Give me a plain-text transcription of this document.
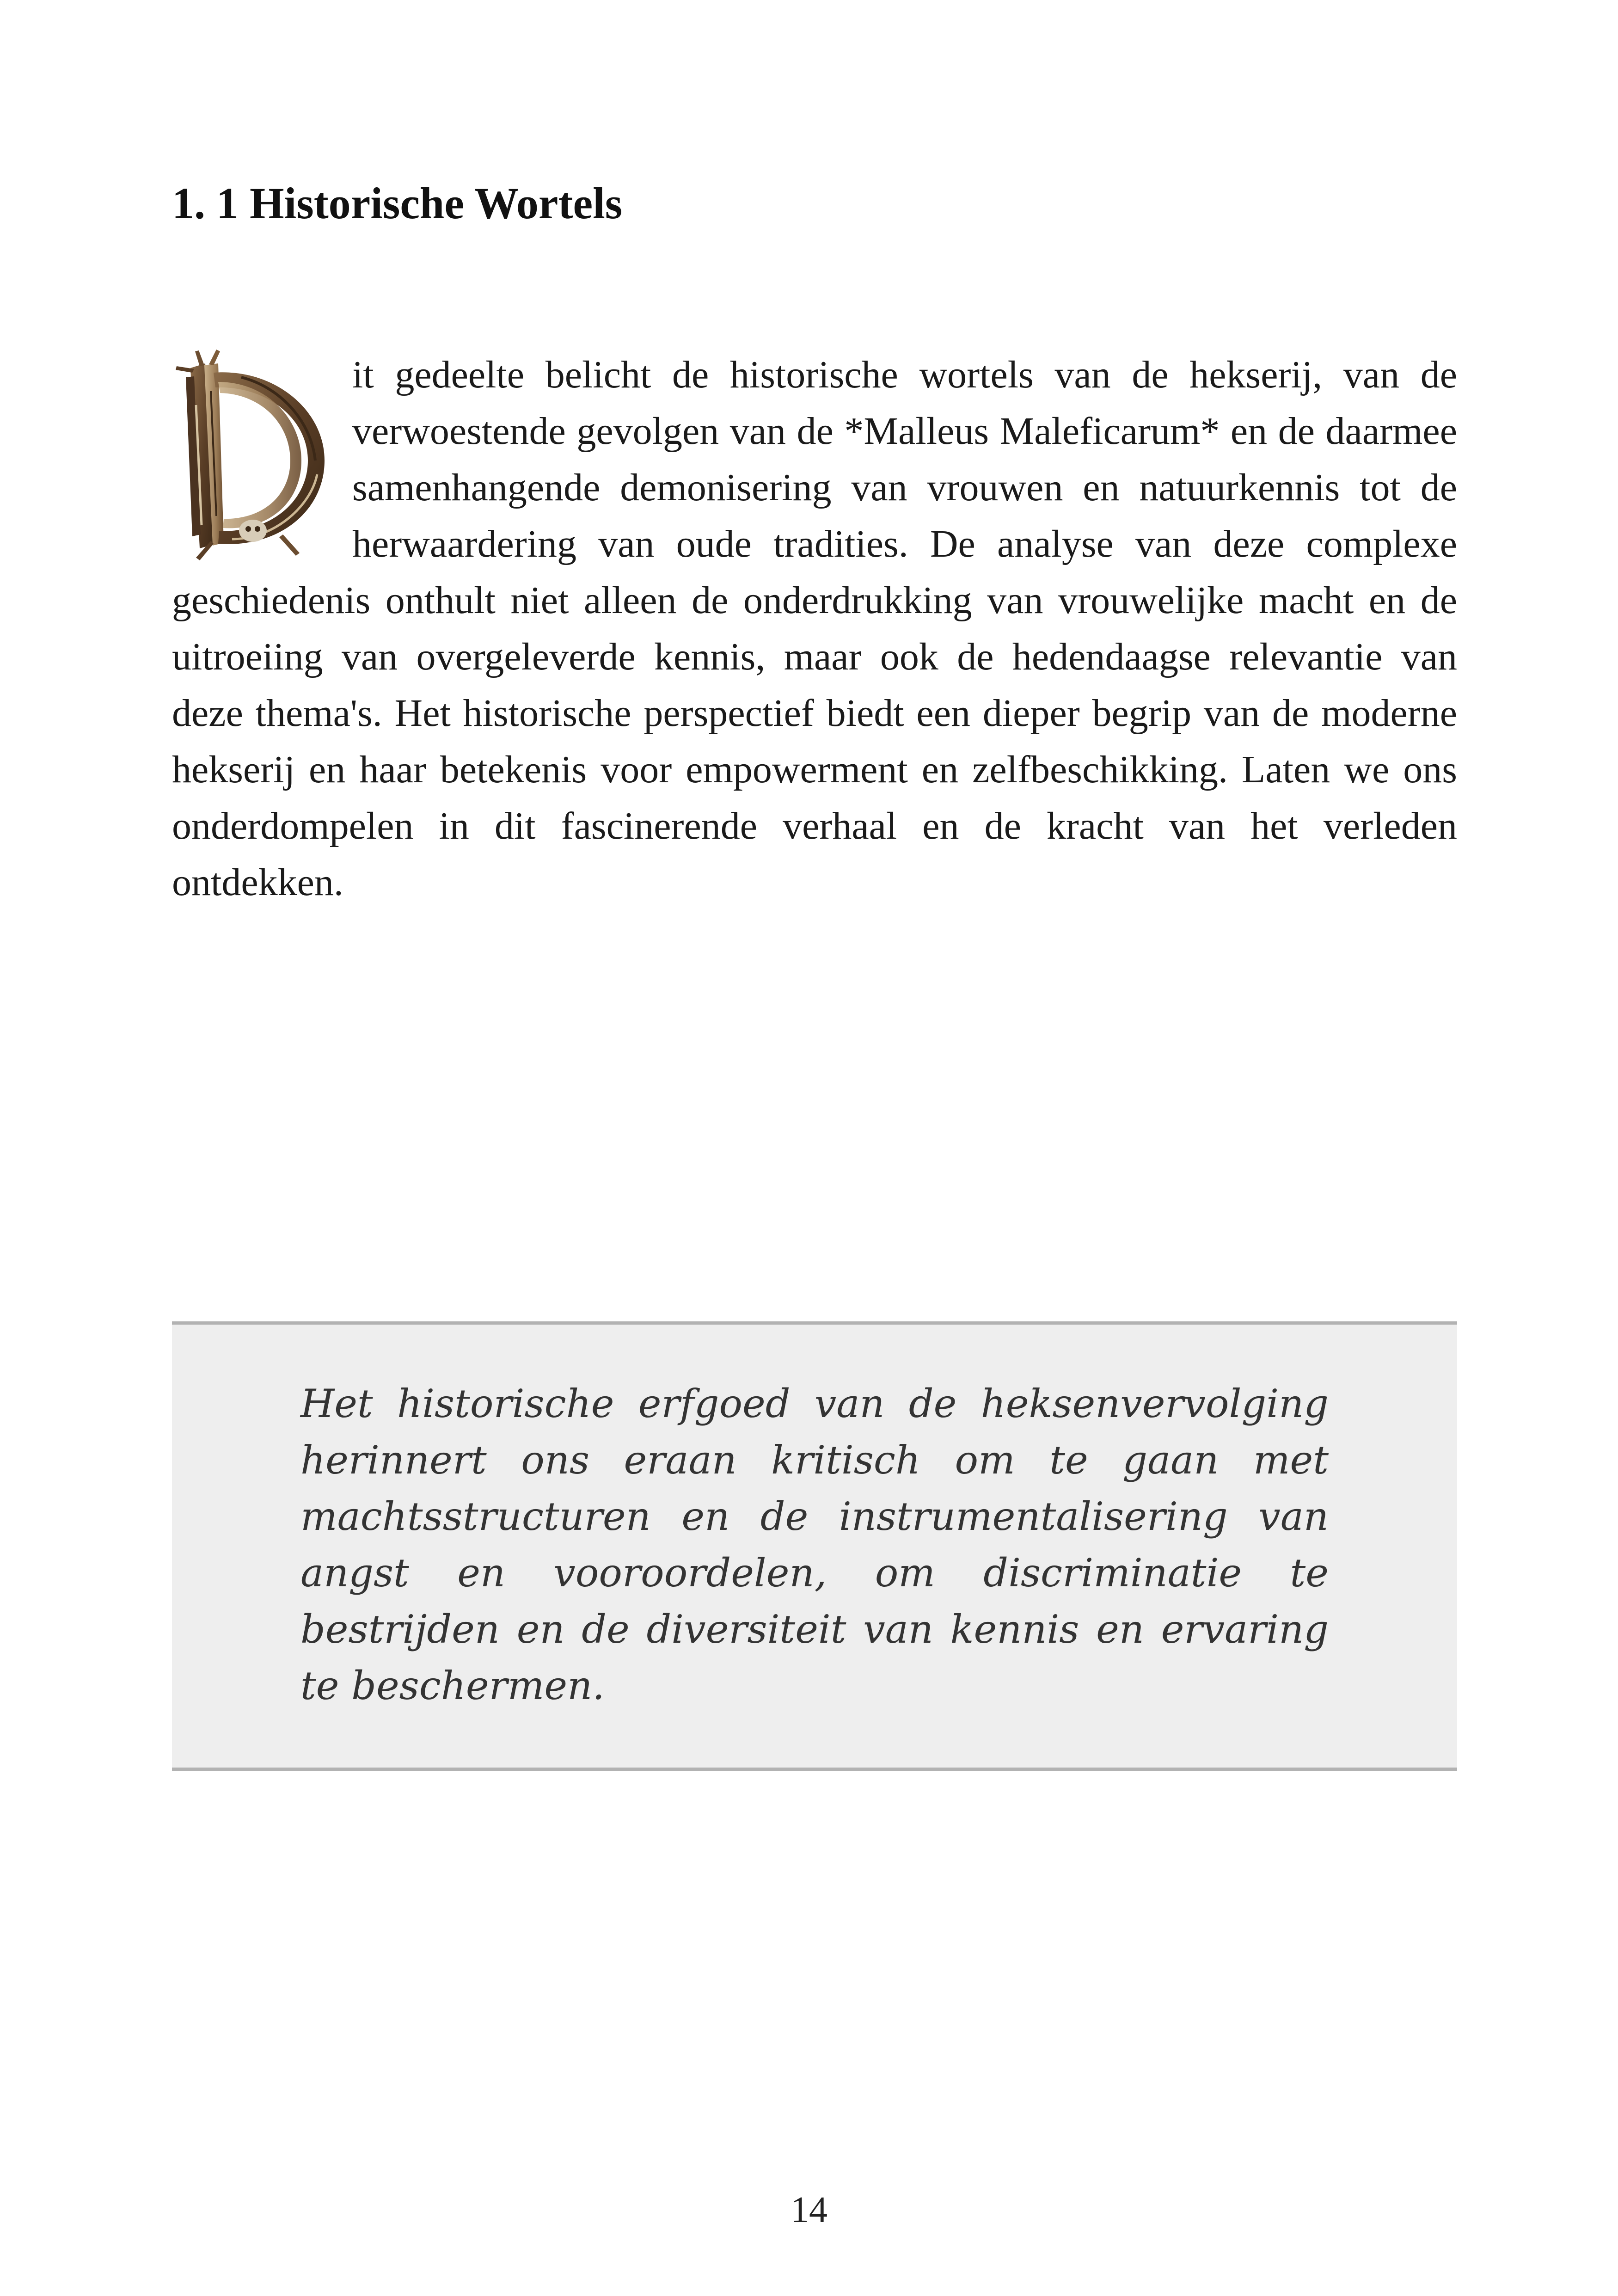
1. 1 Historische Wortels
it gedeelte belicht de historische wortels van de hekserij, van de verwoestende gevolgen van de *Malleus Maleficarum* en de daarmee samenhangende demonisering van vrouwen en natuurkennis tot de herwaardering van oude tradities. De analyse van deze complexe geschiedenis onthult niet alleen de onderdrukking van vrouwelijke macht en de uitroeiing van overgeleverde kennis, maar ook de hedendaagse relevantie van deze thema's. Het historische perspectief biedt een dieper begrip van de moderne hekserij en haar betekenis voor empowerment en zelfbeschikking. Laten we ons onderdompelen in dit fascinerende verhaal en de kracht van het verleden ontdekken.

Het historische erfgoed van de heksenvervolging herinnert ons eraan kritisch om te gaan met machtsstructuren en de instrumentalisering van angst en vooroordelen, om discriminatie te bestrijden en de diversiteit van kennis en ervaring te beschermen.

14
